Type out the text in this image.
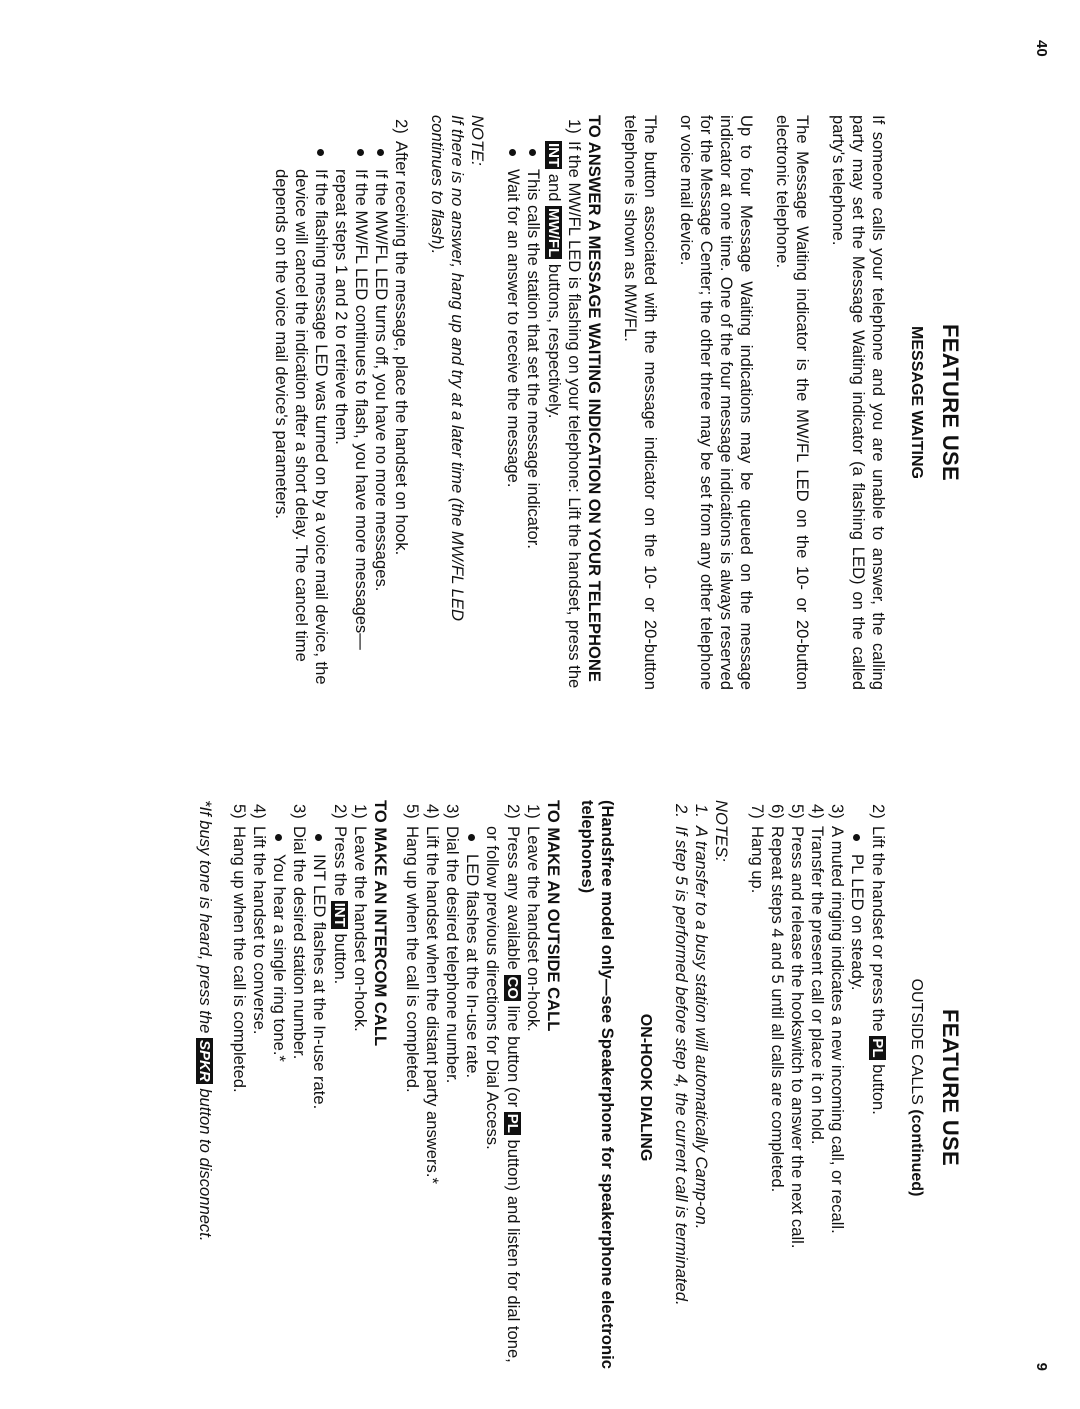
40
9
FEATURE USE
MESSAGE WAITING

If someone calls your telephone and you are unable to answer, the calling party may set the Message Waiting indicator (a flashing LED) on the called party's telephone.

The Message Waiting indicator is the MW/FL LED on the 10- or 20-button electronic telephone.

Up to four Message Waiting indications may be queued on the message indicator at one time. One of the four message indications is always reserved for the Message Center; the other three may be set from any other telephone or voice mail device.

The button associated with the message indicator on the 10- or 20-button telephone is shown as MW/FL.

TO ANSWER A MESSAGE WAITING INDICATION ON YOUR TELEPHONE
1)
If the MW/FL LED is flashing on your telephone: Lift the handset, press the INT and MW/FL buttons, respectively.
This calls the station that set the message indicator.
Wait for an answer to receive the message.
NOTE:
If there is no answer, hang up and try at a later time (the MW/FL LED continues to flash).
2)
After receiving the message, place the handset on hook.
If the MW/FL LED turns off, you have no more messages.
If the MW/FL LED continues to flash, you have more messages—repeat steps 1 and 2 to retrieve them.
If the flashing message LED was turned on by a voice mail device, the device will cancel the indication after a short delay. The cancel time depends on the voice mail device's parameters.
FEATURE USE
OUTSIDE CALLS (continued)
2)
Lift the handset or press the PL button.
PL LED on steady.
3)
A muted ringing indicates a new incoming call, or recall.
4)
Transfer the present call or place it on hold.
5)
Press and release the hookswitch to answer the next call.
6)
Repeat steps 4 and 5 until all calls are completed.
7)
Hang up.
NOTES:
1.
A transfer to a busy station will automatically Camp-on.
2.
If step 5 is performed before step 4, the current call is terminated.
ON-HOOK DIALING
(Handsfree model only—see Speakerphone for speakerphone electronic telephones)
TO MAKE AN OUTSIDE CALL
1)
Leave the handset on-hook.
2)
Press any available CO line button (or PL button) and listen for dial tone, or follow previous directions for Dial Access.
LED flashes at the In-use rate.
3)
Dial the desired telephone number.
4)
Lift the handset when the distant party answers.*
5)
Hang up when the call is completed.
TO MAKE AN INTERCOM CALL
1)
Leave the handset on-hook.
2)
Press the INT button.
INT LED flashes at the In-use rate.
3)
Dial the desired station number.
You hear a single ring tone.*
4)
Lift the handset to converse.
5)
Hang up when the call is completed.
*If busy tone is heard, press the SPKR button to disconnect.
